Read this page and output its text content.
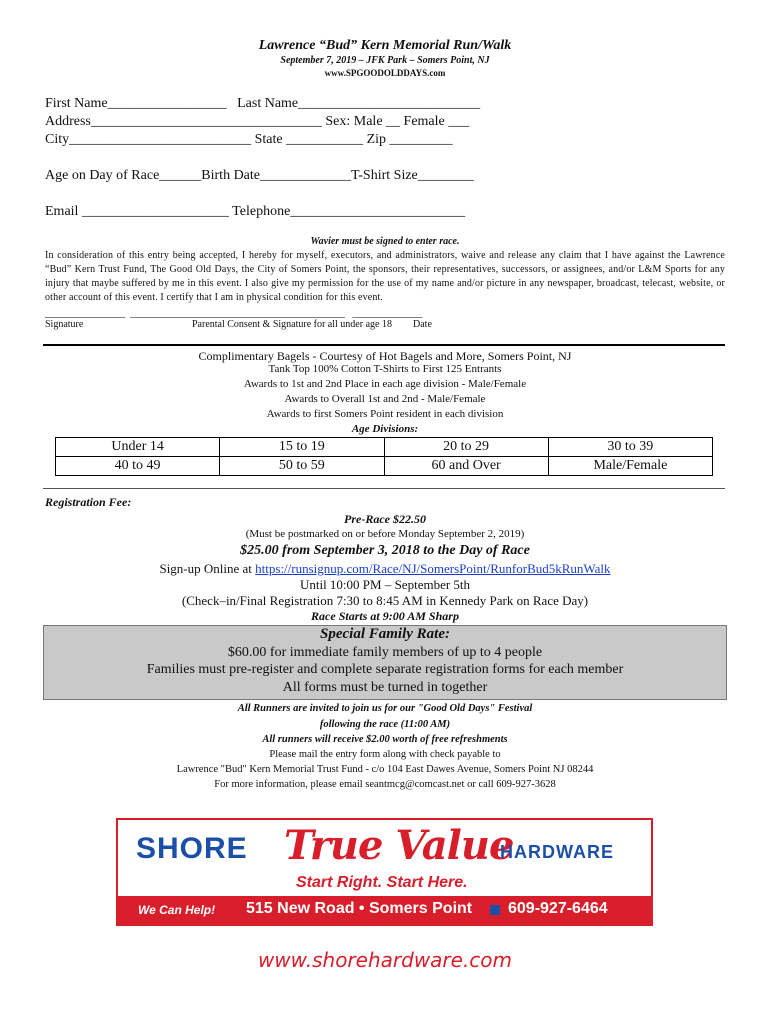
Lawrence “Bud” Kern Memorial Run/Walk
September 7, 2019 – JFK Park – Somers Point, NJ
www.SPGOODOLDDAYS.com
First Name_________________   Last Name__________________________
Address_________________________________ Sex: Male __ Female ___
City__________________________ State ___________ Zip _________
Age on Day of Race______Birth Date_____________T-Shirt Size________
Email _____________________ Telephone_________________________
Wavier must be signed to enter race.
In consideration of this entry being accepted, I hereby for myself, executors, and administrators, waive and release any claim that I have against the Lawrence “Bud” Kern Trust Fund, The Good Old Days, the City of Somers Point, the sponsors, their representatives, successors, or assignees, and/or L&M Sports for any injury that maybe suffered by me in this event. I also give my permission for the use of my name and/or picture in any newspaper, broadcast, telecast, website, or other account of this event. I certify that I am in physical condition for this event.
________________  ___________________________________________   ______________
Signature	Parental Consent & Signature for all under age 18 Date
Complimentary Bagels - Courtesy of Hot Bagels and More, Somers Point, NJ
Tank Top 100% Cotton T-Shirts to First 125 Entrants
Awards to 1st and 2nd Place in each age division - Male/Female
Awards to Overall 1st and 2nd - Male/Female
Awards to first Somers Point resident in each division
Age Divisions:
Under 14	15 to 19	20 to 29	30 to 39
40 to 49	50 to 59	60 and Over	Male/Female
Registration Fee:
Pre-Race $22.50
(Must be postmarked on or before Monday September 2, 2019)
$25.00 from September 3, 2018 to the Day of Race
Sign-up Online at https://runsignup.com/Race/NJ/SomersPoint/RunforBud5kRunWalk
Until 10:00 PM – September 5th
(Check–in/Final Registration 7:30 to 8:45 AM in Kennedy Park on Race Day)
Race Starts at 9:00 AM Sharp
Special Family Rate:
$60.00 for immediate family members of up to 4 people
Families must pre-register and complete separate registration forms for each member
All forms must be turned in together
All Runners are invited to join us for our "Good Old Days" Festival
following the race (11:00 AM)
All runners will receive $2.00 worth of free refreshments
Please mail the entry form along with check payable to
Lawrence "Bud" Kern Memorial Trust Fund - c/o 104 East Dawes Avenue, Somers Point NJ 08244
For more information, please email seantmcg@comcast.net or call 609-927-3628
SHORE True Value
HARDWARE
Start Right. Start Here.
We Can Help! 515 New Road • Somers Point 609-927-6464
www.shorehardware.com
